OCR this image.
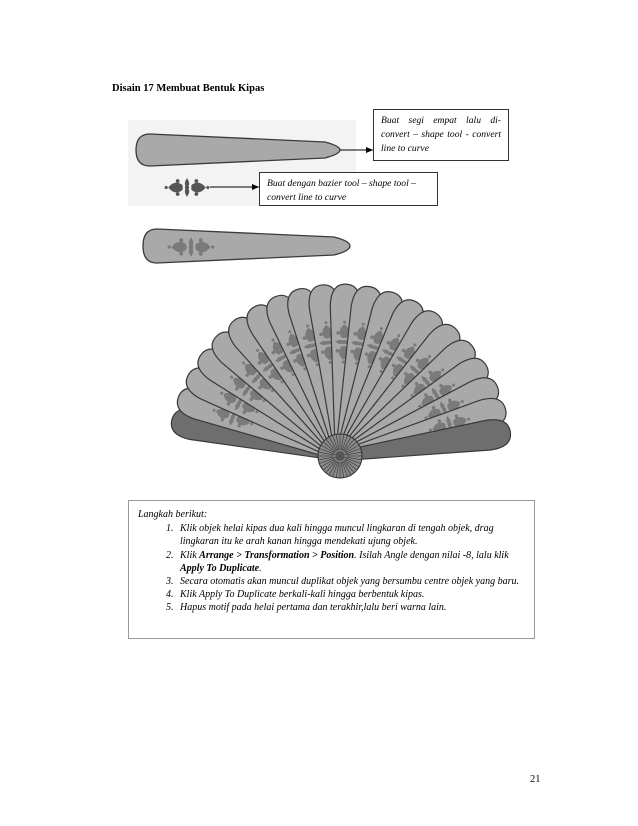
Disain 17 Membuat Bentuk Kipas
Buat segi empat lalu di-convert – shape tool - convert line to curve
Buat dengan bazier tool – shape tool – convert line to curve
Langkah berikut:
1. Klik objek helai kipas dua kali hingga muncul lingkaran di tengah objek, drag lingkaran itu ke arah kanan hingga mendekati ujung objek.
2. Klik Arrange > Transformation > Position. Isilah Angle dengan nilai -8, lalu klik Apply To Duplicate.
3. Secara otomatis akan muncul duplikat objek yang bersumbu centre objek yang baru.
4. Klik Apply To Duplicate berkali-kali hingga berbentuk kipas.
5. Hapus motif pada helai pertama dan terakhir,lalu beri warna lain.
21
